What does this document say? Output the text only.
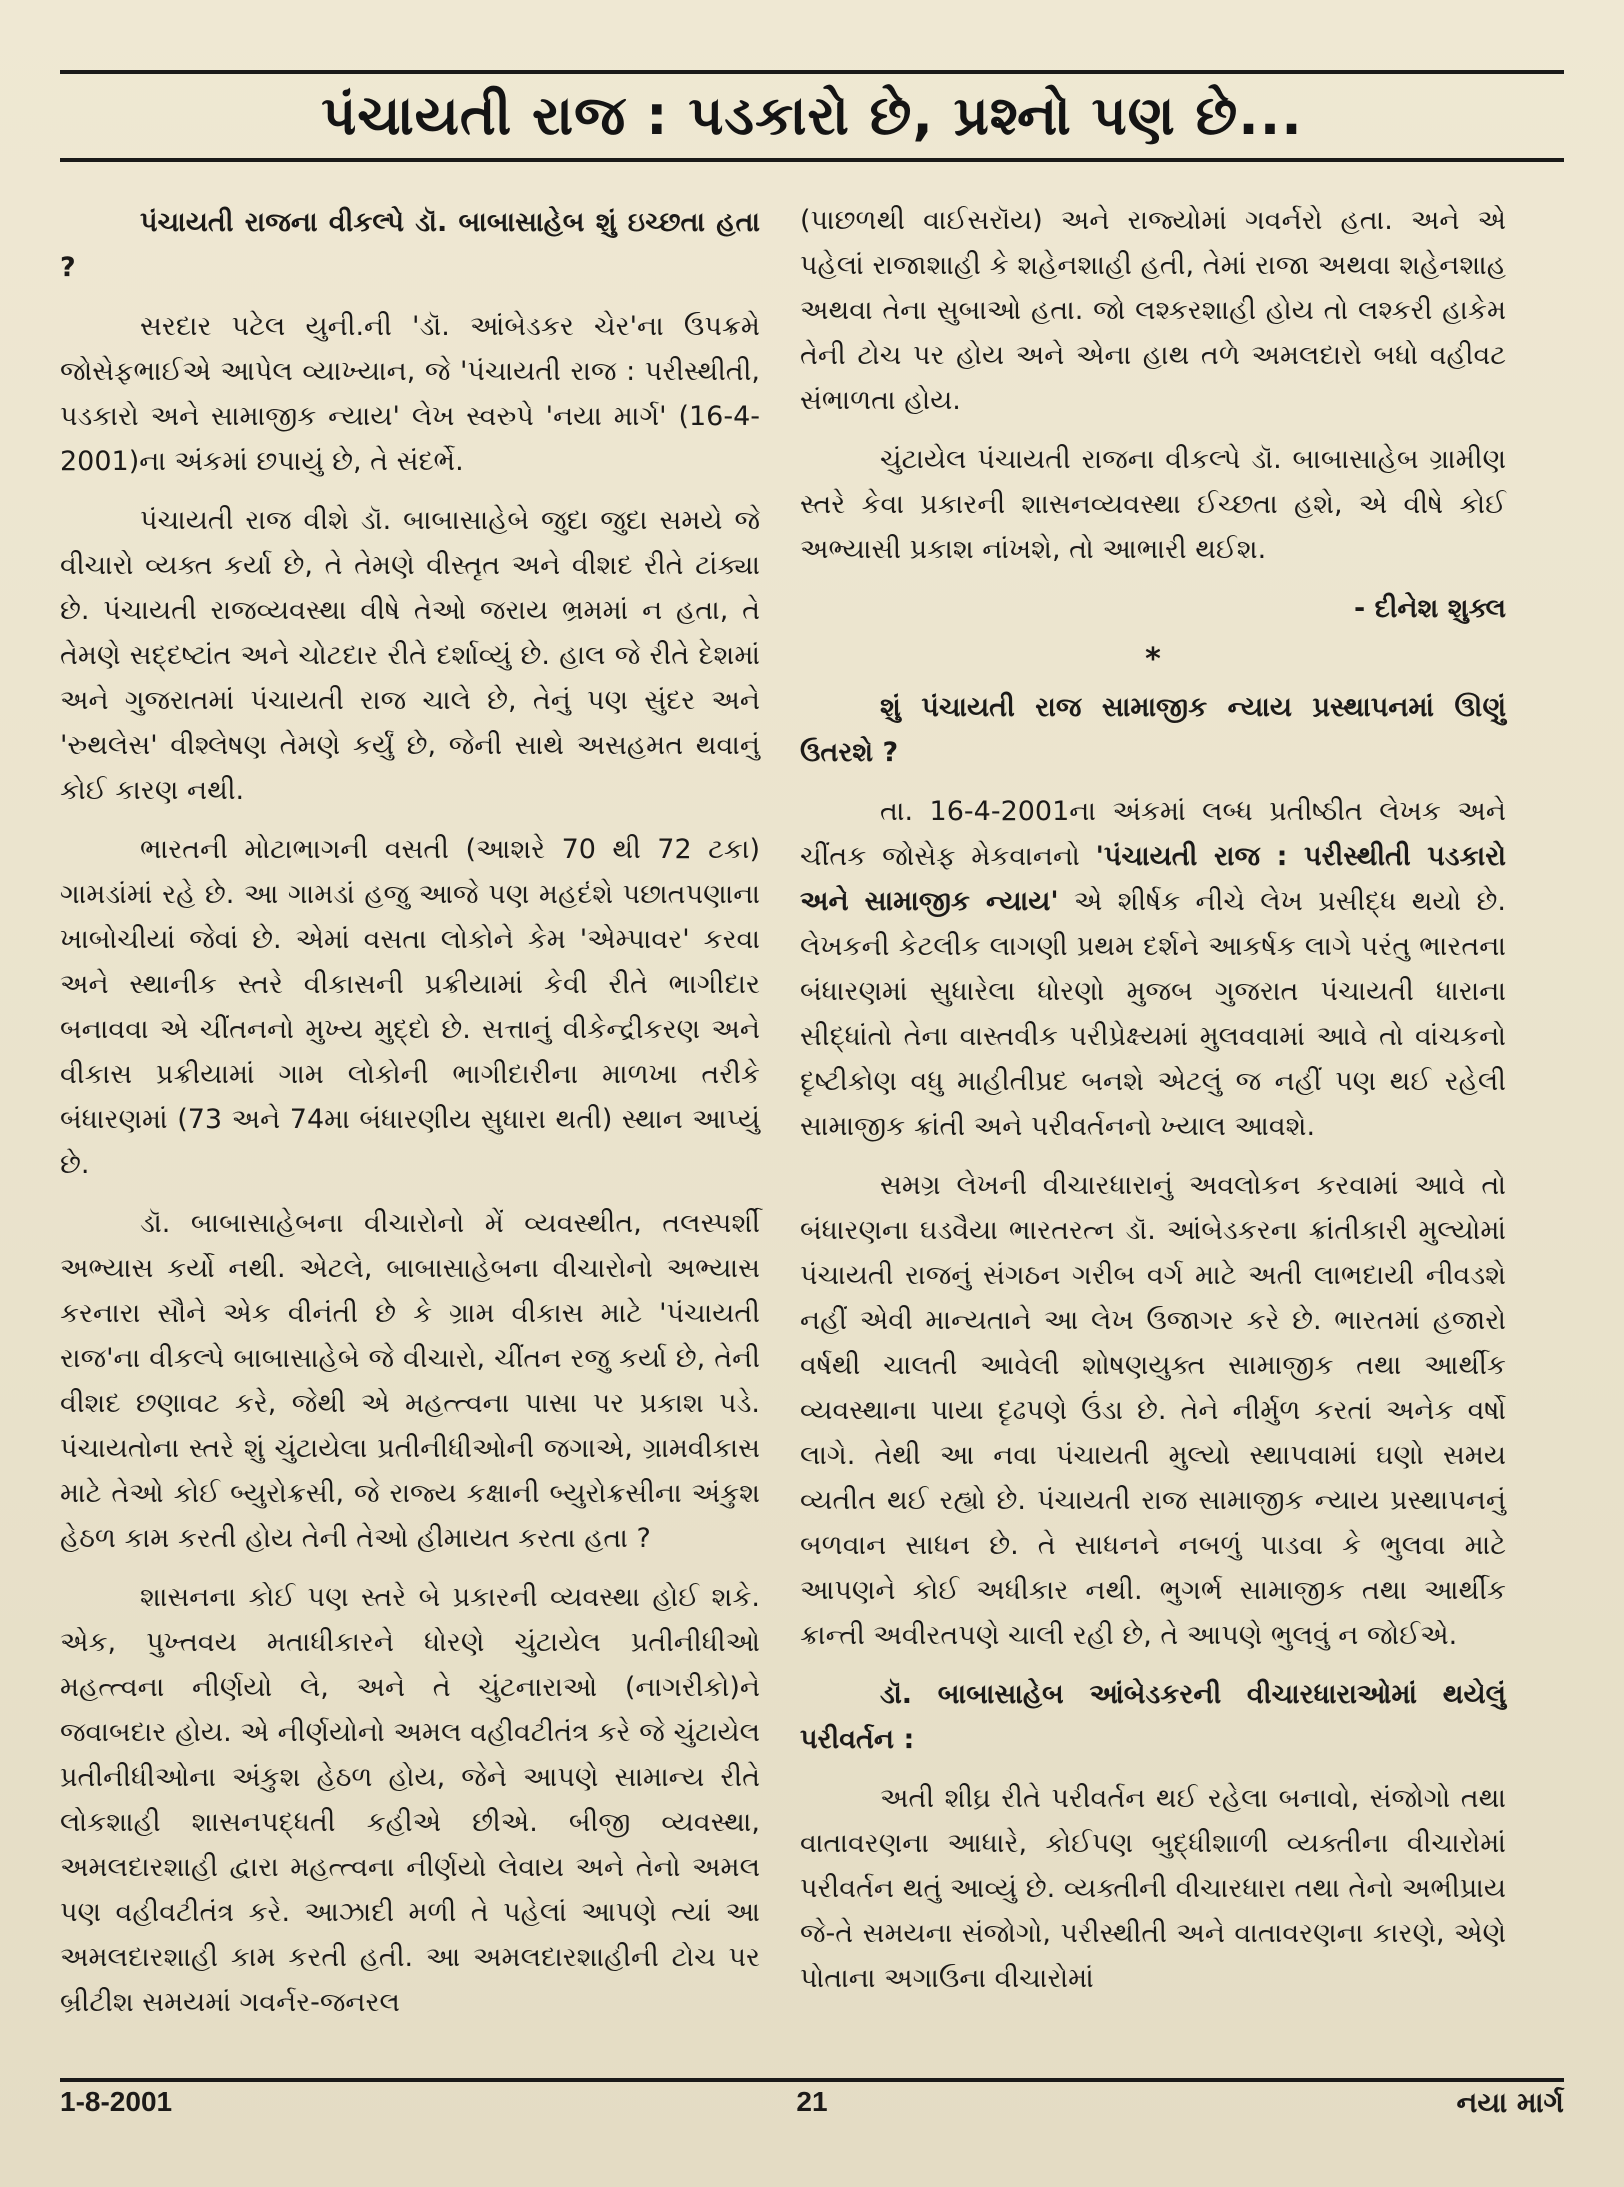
પંચાયતી રાજ : પડકારો છે, પ્રશ્નો પણ છે...

પંચાયતી રાજના વીકલ્પે ડૉ. બાબાસાહેબ શું ઇચ્છતા હતા ?

સરદાર પટેલ યુની.ની 'ડૉ. આંબેડકર ચેર'ના ઉપક્રમે જોસેફભાઈએ આપેલ વ્યાખ્યાન, જે 'પંચાયતી રાજ : પરીસ્થીતી, પડકારો અને સામાજીક ન્યાય' લેખ સ્વરુપે 'નયા માર્ગ' (16-4-2001)ના અંકમાં છપાયું છે, તે સંદર્ભે.

પંચાયતી રાજ વીશે ડૉ. બાબાસાહેબે જુદા જુદા સમયે જે વીચારો વ્યક્ત કર્યા છે, તે તેમણે વીસ્તૃત અને વીશદ રીતે ટાંક્યા છે. પંચાયતી રાજવ્યવસ્થા વીષે તેઓ જરાય ભ્રમમાં ન હતા, તે તેમણે સદ્દષ્ટાંત અને ચોટદાર રીતે દર્શાવ્યું છે. હાલ જે રીતે દેશમાં અને ગુજરાતમાં પંચાયતી રાજ ચાલે છે, તેનું પણ સુંદર અને 'રુથલેસ' વીશ્લેષણ તેમણે કર્યું છે, જેની સાથે અસહમત થવાનું કોઈ કારણ નથી.

ભારતની મોટાભાગની વસતી (આશરે 70 થી 72 ટકા) ગામડાંમાં રહે છે. આ ગામડાં હજુ આજે પણ મહદંશે પછાતપણાના ખાબોચીયાં જેવાં છે. એમાં વસતા લોકોને કેમ 'એમ્પાવર' કરવા અને સ્થાનીક સ્તરે વીકાસની પ્રક્રીયામાં કેવી રીતે ભાગીદાર બનાવવા એ ચીંતનનો મુખ્ય મુદ્દો છે. સત્તાનું વીકેન્દ્રીકરણ અને વીકાસ પ્રક્રીયામાં ગામ લોકોની ભાગીદારીના માળખા તરીકે બંધારણમાં (73 અને 74મા બંધારણીય સુધારા થતી) સ્થાન આપ્યું છે.

ડૉ. બાબાસાહેબના વીચારોનો મેં વ્યવસ્થીત, તલસ્પર્શી અભ્યાસ કર્યો નથી. એટલે, બાબાસાહેબના વીચારોનો અભ્યાસ કરનારા સૌને એક વીનંતી છે કે ગ્રામ વીકાસ માટે 'પંચાયતી રાજ'ના વીકલ્પે બાબાસાહેબે જે વીચારો, ચીંતન રજુ કર્યા છે, તેની વીશદ છણાવટ કરે, જેથી એ મહત્ત્વના પાસા પર પ્રકાશ પડે. પંચાયતોના સ્તરે શું ચુંટાયેલા પ્રતીનીધીઓની જગાએ, ગ્રામવીકાસ માટે તેઓ કોઈ બ્યુરોક્રસી, જે રાજ્ય કક્ષાની બ્યુરોક્રસીના અંકુશ હેઠળ કામ કરતી હોય તેની તેઓ હીમાયત કરતા હતા ?

શાસનના કોઈ પણ સ્તરે બે પ્રકારની વ્યવસ્થા હોઈ શકે. એક, પુખ્તવય મતાધીકારને ધોરણે ચુંટાયેલ પ્રતીનીધીઓ મહત્ત્વના નીર્ણયો લે, અને તે ચુંટનારાઓ (નાગરીકો)ને જવાબદાર હોય. એ નીર્ણયોનો અમલ વહીવટીતંત્ર કરે જે ચુંટાયેલ પ્રતીનીધીઓના અંકુશ હેઠળ હોય, જેને આપણે સામાન્ય રીતે લોકશાહી શાસનપદ્ધતી કહીએ છીએ. બીજી વ્યવસ્થા, અમલદારશાહી દ્વારા મહત્ત્વના નીર્ણયો લેવાય અને તેનો અમલ પણ વહીવટીતંત્ર કરે. આઝાદી મળી તે પહેલાં આપણે ત્યાં આ અમલદારશાહી કામ કરતી હતી. આ અમલદારશાહીની ટોચ પર બ્રીટીશ સમયમાં ગવર્નર-જનરલ

(પાછળથી વાઈસરૉય) અને રાજ્યોમાં ગવર્નરો હતા. અને એ પહેલાં રાજાશાહી કે શહેનશાહી હતી, તેમાં રાજા અથવા શહેનશાહ અથવા તેના સુબાઓ હતા. જો લશ્કરશાહી હોય તો લશ્કરી હાકેમ તેની ટોચ પર હોય અને એના હાથ તળે અમલદારો બધો વહીવટ સંભાળતા હોય.

ચુંટાયેલ પંચાયતી રાજના વીકલ્પે ડૉ. બાબાસાહેબ ગ્રામીણ સ્તરે કેવા પ્રકારની શાસનવ્યવસ્થા ઈચ્છતા હશે, એ વીષે કોઈ અભ્યાસી પ્રકાશ નાંખશે, તો આભારી થઈશ.

- દીનેશ શુક્લ

*

શું પંચાયતી રાજ સામાજીક ન્યાય પ્રસ્થાપનમાં ઊણું ઉતરશે ?

તા. 16-4-2001ના અંકમાં લબ્ધ પ્રતીષ્ઠીત લેખક અને ચીંતક જોસેફ મેકવાનનો 'પંચાયતી રાજ : પરીસ્થીતી પડકારો અને સામાજીક ન્યાય' એ શીર્ષક નીચે લેખ પ્રસીદ્ધ થયો છે. લેખકની કેટલીક લાગણી પ્રથમ દર્શને આકર્ષક લાગે પરંતુ ભારતના બંધારણમાં સુધારેલા ધોરણો મુજબ ગુજરાત પંચાયતી ધારાના સીદ્ધાંતો તેના વાસ્તવીક પરીપ્રેક્ષ્યમાં મુલવવામાં આવે તો વાંચકનો દૃષ્ટીકોણ વધુ માહીતીપ્રદ બનશે એટલું જ નહીં પણ થઈ રહેલી સામાજીક ક્રાંતી અને પરીવર્તનનો ખ્યાલ આવશે.

સમગ્ર લેખની વીચારધારાનું અવલોકન કરવામાં આવે તો બંધારણના ઘડવૈયા ભારતરત્ન ડૉ. આંબેડકરના ક્રાંતીકારી મુલ્યોમાં પંચાયતી રાજનું સંગઠન ગરીબ વર્ગ માટે અતી લાભદાયી નીવડશે નહીં એવી માન્યતાને આ લેખ ઉજાગર કરે છે. ભારતમાં હજારો વર્ષથી ચાલતી આવેલી શોષણયુક્ત સામાજીક તથા આર્થીક વ્યવસ્થાના પાયા દૃઢપણે ઉંડા છે. તેને નીર્મુળ કરતાં અનેક વર્ષો લાગે. તેથી આ નવા પંચાયતી મુલ્યો સ્થાપવામાં ઘણો સમય વ્યતીત થઈ રહ્યો છે. પંચાયતી રાજ સામાજીક ન્યાય પ્રસ્થાપનનું બળવાન સાધન છે. તે સાધનને નબળું પાડવા કે ભુલવા માટે આપણને કોઈ અધીકાર નથી. ભુગર્ભ સામાજીક તથા આર્થીક ક્રાન્તી અવીરતપણે ચાલી રહી છે, તે આપણે ભુલવું ન જોઈએ.

ડૉ. બાબાસાહેબ આંબેડકરની વીચારધારાઓમાં થયેલું પરીવર્તન :

અતી શીઘ્ર રીતે પરીવર્તન થઈ રહેલા બનાવો, સંજોગો તથા વાતાવરણના આધારે, કોઈપણ બુદ્ધીશાળી વ્યક્તીના વીચારોમાં પરીવર્તન થતું આવ્યું છે. વ્યક્તીની વીચારધારા તથા તેનો અભીપ્રાય જે-તે સમયના સંજોગો, પરીસ્થીતી અને વાતાવરણના કારણે, એણે પોતાના અગાઉના વીચારોમાં

1-8-2001	21	નયા માર્ગ
